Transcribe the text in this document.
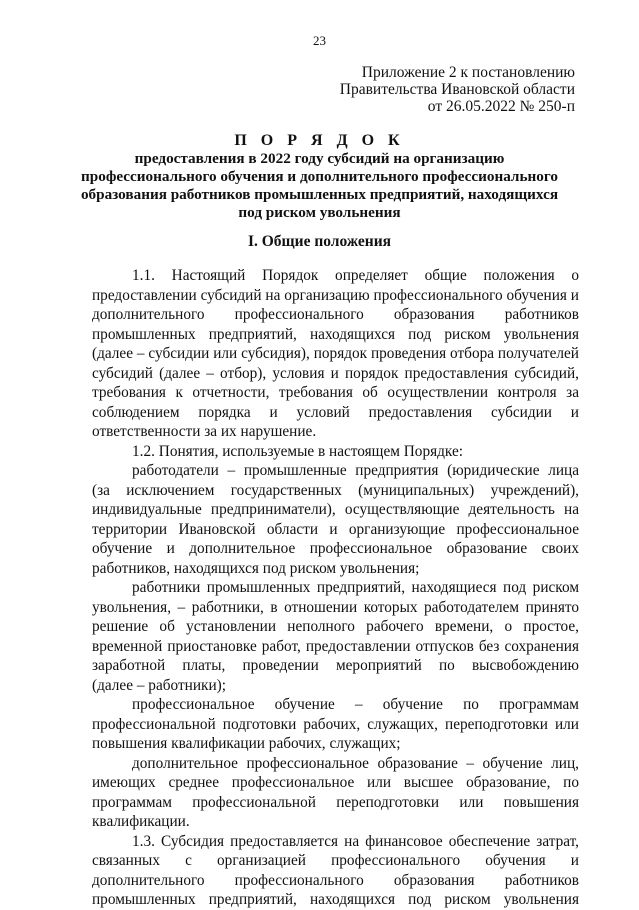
23
Приложение 2 к постановлению
Правительства Ивановской области
от 26.05.2022 № 250-п
П О Р Я Д О К
предоставления в 2022 году субсидий на организацию
профессионального обучения и дополнительного профессионального
образования работников промышленных предприятий, находящихся
под риском увольнения
I. Общие положения
1.1. Настоящий Порядок определяет общие положения о
предоставлении субсидий на организацию профессионального обучения и
дополнительного профессионального образования работников
промышленных предприятий, находящихся под риском увольнения
(далее – субсидии или субсидия), порядок проведения отбора получателей
субсидий (далее – отбор), условия и порядок предоставления субсидий,
требования к отчетности, требования об осуществлении контроля за
соблюдением порядка и условий предоставления субсидии и
ответственности за их нарушение.
1.2. Понятия, используемые в настоящем Порядке:
работодатели – промышленные предприятия (юридические лица
(за исключением государственных (муниципальных) учреждений),
индивидуальные предприниматели), осуществляющие деятельность на
территории Ивановской области и организующие профессиональное
обучение и дополнительное профессиональное образование своих
работников, находящихся под риском увольнения;
работники промышленных предприятий, находящиеся под риском
увольнения, – работники, в отношении которых работодателем принято
решение об установлении неполного рабочего времени, о простое,
временной приостановке работ, предоставлении отпусков без сохранения
заработной платы, проведении мероприятий по высвобождению
(далее – работники);
профессиональное обучение – обучение по программам
профессиональной подготовки рабочих, служащих, переподготовки или
повышения квалификации рабочих, служащих;
дополнительное профессиональное образование – обучение лиц,
имеющих среднее профессиональное или высшее образование, по
программам профессиональной переподготовки или повышения
квалификации.
1.3. Субсидия предоставляется на финансовое обеспечение затрат,
связанных с организацией профессионального обучения и
дополнительного профессионального образования работников
промышленных предприятий, находящихся под риском увольнения
